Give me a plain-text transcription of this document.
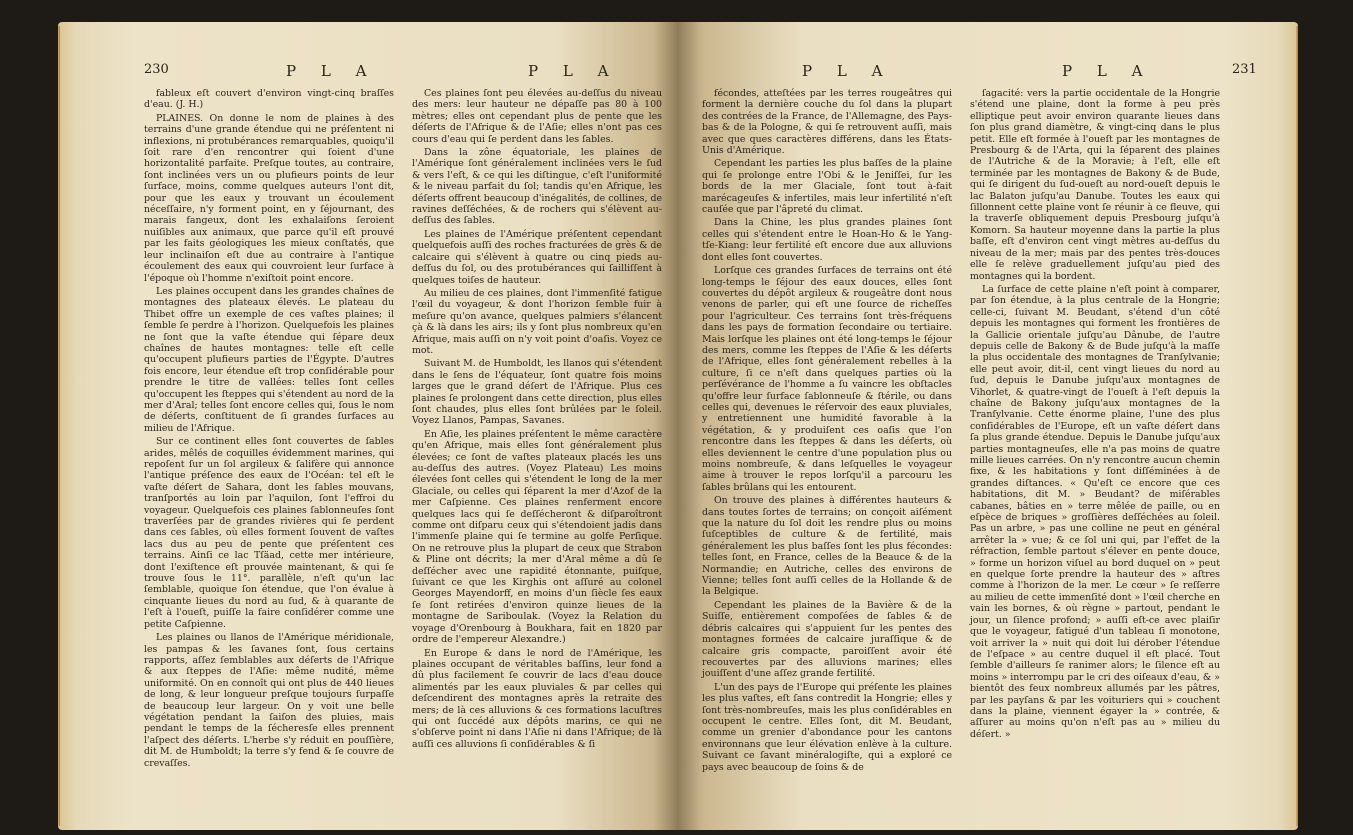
230	P L A	P L A

fableux eſt couvert d'environ vingt-cinq braſſes d'eau. (J. H.)

PLAINES. On donne le nom de plaines à des terrains d'une grande étendue qui ne préſentent ni inflexions, ni protubérances remarquables, quoiqu'il ſoit rare d'en rencontrer qui ſoient d'une horizontalité parfaite. Preſque toutes, au contraire, ſont inclinées vers un ou plufieurs points de leur ſurface, moins, comme quelques auteurs l'ont dit, pour que les eaux y trouvant un écoulement néceſſaire, n'y forment point, en y ſéjournant, des marais fangeux, dont les exhalaiſons ſeroient nuiſibles aux animaux, que parce qu'il eſt prouvé par les faits géologiques les mieux conſtatés, que leur inclinaiſon eſt due au contraire à l'antique écoulement des eaux qui couvroient leur ſurface à l'époque où l'homme n'exiſtoit point encore.

Les plaines occupent dans les grandes chaînes de montagnes des plateaux élevés. Le plateau du Thibet offre un exemple de ces vaſtes plaines; il ſemble ſe perdre à l'horizon. Quelquefois les plaines ne ſont que la vaſte étendue qui ſépare deux chaînes de hautes montagnes: telle eſt celle qu'occupent plufieurs parties de l'Égypte. D'autres fois encore, leur étendue eſt trop conſidérable pour prendre le titre de vallées: telles ſont celles qu'occupent les ſteppes qui s'étendent au nord de la mer d'Aral; telles ſont encore celles qui, ſous le nom de déſerts, conſtituent de ſi grandes ſurfaces au milieu de l'Afrique.

Sur ce continent elles ſont couvertes de ſables arides, mêlés de coquilles évidemment marines, qui repoſent ſur un ſol argileux & ſalifère qui annonce l'antique préſence des eaux de l'Océan: tel eſt le vaſte déſert de Sahara, dont les ſables mouvans, tranſportés au loin par l'aquilon, ſont l'effroi du voyageur. Quelquefois ces plaines ſablonneuſes ſont traverſées par de grandes rivières qui ſe perdent dans ces ſables, où elles forment ſouvent de vaſtes lacs dus au peu de pente que préſentent ces terrains. Ainſi ce lac Tſäad, cette mer intérieure, dont l'exiſtence eſt prouvée maintenant, & qui ſe trouve ſous le 11°. parallèle, n'eſt qu'un lac ſemblable, quoique ſon étendue, que l'on évalue à cinquante lieues du nord au ſud, & à quarante de l'eſt à l'oueſt, puiſſe la faire conſidérer comme une petite Caſpienne.

Les plaines ou llanos de l'Amérique méridionale, les pampas & les ſavanes ſont, ſous certains rapports, aſſez ſemblables aux déſerts de l'Afrique & aux ſteppes de l'Aſie: même nudité, même uniformité. On en connoît qui ont plus de 440 lieues de long, & leur longueur preſque toujours ſurpaſſe de beaucoup leur largeur. On y voit une belle végétation pendant la ſaiſon des pluies, mais pendant le temps de la ſécheresſe elles prennent l'aſpect des déſerts. L'herbe s'y réduit en pouſſière, dit M. de Humboldt; la terre s'y fend & ſe couvre de crevaſſes.

Ces plaines ſont peu élevées au-deſſus du niveau des mers: leur hauteur ne dépaſſe pas 80 à 100 mètres; elles ont cependant plus de pente que les déſerts de l'Afrique & de l'Aſie; elles n'ont pas ces cours d'eau qui ſe perdent dans les ſables.

Dans la zône équatoriale, les plaines de l'Amérique ſont généralement inclinées vers le ſud & vers l'eſt, & ce qui les diſtingue, c'eſt l'uniformité & le niveau parfait du ſol; tandis qu'en Afrique, les déſerts offrent beaucoup d'inégalités, de collines, de ravines deſſéchées, & de rochers qui s'élèvent au-deſſus des ſables.

Les plaines de l'Amérique préſentent cependant quelquefois auſſi des roches fracturées de grès & de calcaire qui s'élèvent à quatre ou cinq pieds au-deſſus du ſol, ou des protubérances qui ſailliſſent à quelques toiſes de hauteur.

Au milieu de ces plaines, dont l'immenſité fatigue l'œil du voyageur, & dont l'horizon ſemble fuir à meſure qu'on avance, quelques palmiers s'élancent çà & là dans les airs; ils y ſont plus nombreux qu'en Afrique, mais auſſi on n'y voit point d'oaſis. Voyez ce mot.

Suivant M. de Humboldt, les llanos qui s'étendent dans le ſens de l'équateur, ſont quatre fois moins larges que le grand déſert de l'Afrique. Plus ces plaines ſe prolongent dans cette direction, plus elles ſont chaudes, plus elles ſont brûlées par le ſoleil. Voyez Llanos, Pampas, Savanes.

En Aſie, les plaines préſentent le même caractère qu'en Afrique, mais elles ſont généralement plus élevées; ce ſont de vaſtes plateaux placés les uns au-deſſus des autres. (Voyez Plateau) Les moins élevées ſont celles qui s'étendent le long de la mer Glaciale, ou celles qui ſéparent la mer d'Azof de la mer Caſpienne. Ces plaines renferment encore quelques lacs qui ſe deſſécheront & diſparoîtront comme ont diſparu ceux qui s'étendoient jadis dans l'immenſe plaine qui ſe termine au golfe Perſique. On ne retrouve plus la plupart de ceux que Strabon & Pline ont décrits; la mer d'Aral même a dû ſe deſſécher avec une rapidité étonnante, puiſque, ſuivant ce que les Kirghis ont aſſuré au colonel Georges Mayendorff, en moins d'un ſiècle ſes eaux ſe ſont retirées d'environ quinze lieues de la montagne de Sariboulak. (Voyez la Relation du voyage d'Orenbourg à Boukhara, fait en 1820 par ordre de l'empereur Alexandre.)

En Europe & dans le nord de l'Amérique, les plaines occupant de véritables baſſins, leur fond a dû plus facilement ſe couvrir de lacs d'eau douce alimentés par les eaux pluviales & par celles qui deſcendirent des montagnes après la retraite des mers; de là ces alluvions & ces formations lacuſtres qui ont ſuccédé aux dépôts marins, ce qui ne s'obſerve point ni dans l'Aſie ni dans l'Afrique; de là auſſi ces alluvions ſi conſidérables & ſi

P L A	P L A	231

fécondes, atteſtées par les terres rougeâtres qui forment la dernière couche du ſol dans la plupart des contrées de la France, de l'Allemagne, des Pays-bas & de la Pologne, & qui ſe retrouvent auſſi, mais avec que ques caractères différens, dans les États-Unis d'Amérique.

Cependant les parties les plus baſſes de la plaine qui ſe prolonge entre l'Obi & le Jeniſſei, ſur les bords de la mer Glaciale, ſont tout à-fait marécageuſes & infertiles, mais leur infertilité n'eſt cauſée que par l'âpreté du climat.

Dans la Chine, les plus grandes plaines ſont celles qui s'étendent entre le Hoan-Ho & le Yang-tſe-Kiang: leur fertilité eſt encore due aux alluvions dont elles ſont couvertes.

Lorſque ces grandes ſurfaces de terrains ont été long-temps le ſéjour des eaux douces, elles ſont couvertes du dépôt argileux & rougeâtre dont nous venons de parler, qui eſt une ſource de richeſſes pour l'agriculteur. Ces terrains ſont très-fréquens dans les pays de formation ſecondaire ou tertiaire. Mais lorſque les plaines ont été long-temps le ſéjour des mers, comme les ſteppes de l'Aſie & les déſerts de l'Afrique, elles ſont généralement rebelles à la culture, ſi ce n'eſt dans quelques parties où la perſévérance de l'homme a ſu vaincre les obſtacles qu'offre leur ſurface ſablonneuſe & ſtérile, ou dans celles qui, devenues le réſervoir des eaux pluviales, y entretiennent une humidité favorable à la végétation, & y produiſent ces oaſis que l'on rencontre dans les ſteppes & dans les déſerts, où elles deviennent le centre d'une population plus ou moins nombreuſe, & dans leſquelles le voyageur aime à trouver le repos lorſqu'il a parcouru les ſables brûlans qui les entourent.

On trouve des plaines à différentes hauteurs & dans toutes ſortes de terrains; on conçoit aiſément que la nature du ſol doit les rendre plus ou moins ſuſceptibles de culture & de fertilité, mais généralement les plus baſſes ſont les plus fécondes: telles ſont, en France, celles de la Beauce & de la Normandie; en Autriche, celles des environs de Vienne; telles ſont auſſi celles de la Hollande & de la Belgique.

Cependant les plaines de la Bavière & de la Suiſſe, entièrement compoſées de ſables & de débris calcaires qui s'appuient ſur les pentes des montagnes formées de calcaire juraſſique & de calcaire gris compacte, paroiſſent avoir été recouvertes par des alluvions marines; elles jouiſſent d'une aſſez grande fertilité.

L'un des pays de l'Europe qui préſente les plaines les plus vaſtes, eſt ſans contredit la Hongrie; elles y ſont très-nombreuſes, mais les plus conſidérables en occupent le centre. Elles ſont, dit M. Beudant, comme un grenier d'abondance pour les cantons environnans que leur élévation enlève à la culture. Suivant ce ſavant minéralogiſte, qui a exploré ce pays avec beaucoup de ſoins & de

ſagacité: vers la partie occidentale de la Hongrie s'étend une plaine, dont la forme à peu près elliptique peut avoir environ quarante lieues dans ſon plus grand diamètre, & vingt-cinq dans le plus petit. Elle eſt formée à l'oueſt par les montagnes de Presbourg & de l'Arta, qui la ſéparent des plaines de l'Autriche & de la Moravie; à l'eſt, elle eſt terminée par les montagnes de Bakony & de Bude, qui ſe dirigent du ſud-oueſt au nord-oueſt depuis le lac Balaton juſqu'au Danube. Toutes les eaux qui ſillonnent cette plaine vont ſe réunir à ce fleuve, qui la traverſe obliquement depuis Presbourg juſqu'à Komorn. Sa hauteur moyenne dans la partie la plus baſſe, eſt d'environ cent vingt mètres au-deſſus du niveau de la mer; mais par des pentes très-douces elle ſe relève graduellement juſqu'au pied des montagnes qui la bordent.

La ſurface de cette plaine n'eſt point à comparer, par ſon étendue, à la plus centrale de la Hongrie; celle-ci, ſuivant M. Beudant, s'étend d'un côté depuis les montagnes qui forment les frontières de la Gallicie orientale juſqu'au Dânube, de l'autre depuis celle de Bakony & de Bude juſqu'à la maſſe la plus occidentale des montagnes de Tranſylvanie; elle peut avoir, dit-il, cent vingt lieues du nord au ſud, depuis le Danube juſqu'aux montagnes de Vihorlet, & quatre-vingt de l'oueſt à l'eſt depuis la chaîne de Bakony juſqu'aux montagnes de la Tranſylvanie. Cette énorme plaine, l'une des plus conſidérables de l'Europe, eſt un vaſte déſert dans ſa plus grande étendue. Depuis le Danube juſqu'aux parties montagneuſes, elle n'a pas moins de quatre mille lieues carrées. On n'y rencontre aucun chemin fixe, & les habitations y ſont diſſéminées à de grandes diſtances. « Qu'eſt ce encore que ces habitations, dit M. » Beudant? de miſérables cabanes, bâties en » terre mêlée de paille, ou en eſpèce de briques » groſſières deſſéchées au ſoleil. Pas un arbre, » pas une colline ne peut en général arrêter la » vue; & ce ſol uni qui, par l'effet de la réfraction, ſemble partout s'élever en pente douce, » forme un horizon viſuel au bord duquel on » peut en quelque ſorte prendre la hauteur des » aſtres comme à l'horizon de la mer. Le cœur » ſe reſſerre au milieu de cette immenſité dont » l'œil cherche en vain les bornes, & où règne » partout, pendant le jour, un ſilence profond; » auſſi eſt-ce avec plaiſir que le voyageur, fatigué d'un tableau ſi monotone, voit arriver la » nuit qui doit lui dérober l'étendue de l'eſpace » au centre duquel il eſt placé. Tout ſemble d'ailleurs ſe ranimer alors; le ſilence eſt au moins » interrompu par le cri des oiſeaux d'eau, & » bientôt des feux nombreux allumés par les pâtres, par les payſans & par les voituriers qui » couchent dans la plaine, viennent égayer la » contrée, & aſſurer au moins qu'on n'eſt pas au » milieu du déſert. »
